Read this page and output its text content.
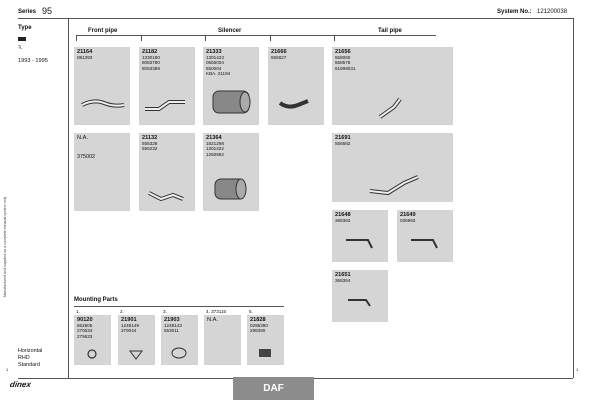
Series 95	System No.: 121200038
Manufactured and supplied as a complete exhaust system only
Type
ꟻ.
1993 - 1995
Horizontal
RHD
Standard
Front pipe	Silencer	Tail pipe
21164
081393
21182
1330180
8083780
8083389
21333
1301423
0555004
550004
KBA. 21194
21666
555827
21656
558060
558578
61599031
N.A.
375002
21132
555328
556232
21364
1821298
1301422
1250992
21691
556582
21648
368363
21649
036993
21651
368364
Mounting Parts
1.	2.	3.	4. 373116	5.
90120
662806
270634
279633
21901
1248149
379044
21903
1248143
553011
N.A.	21828
0296390
298390
1	1
dinex	DAF
